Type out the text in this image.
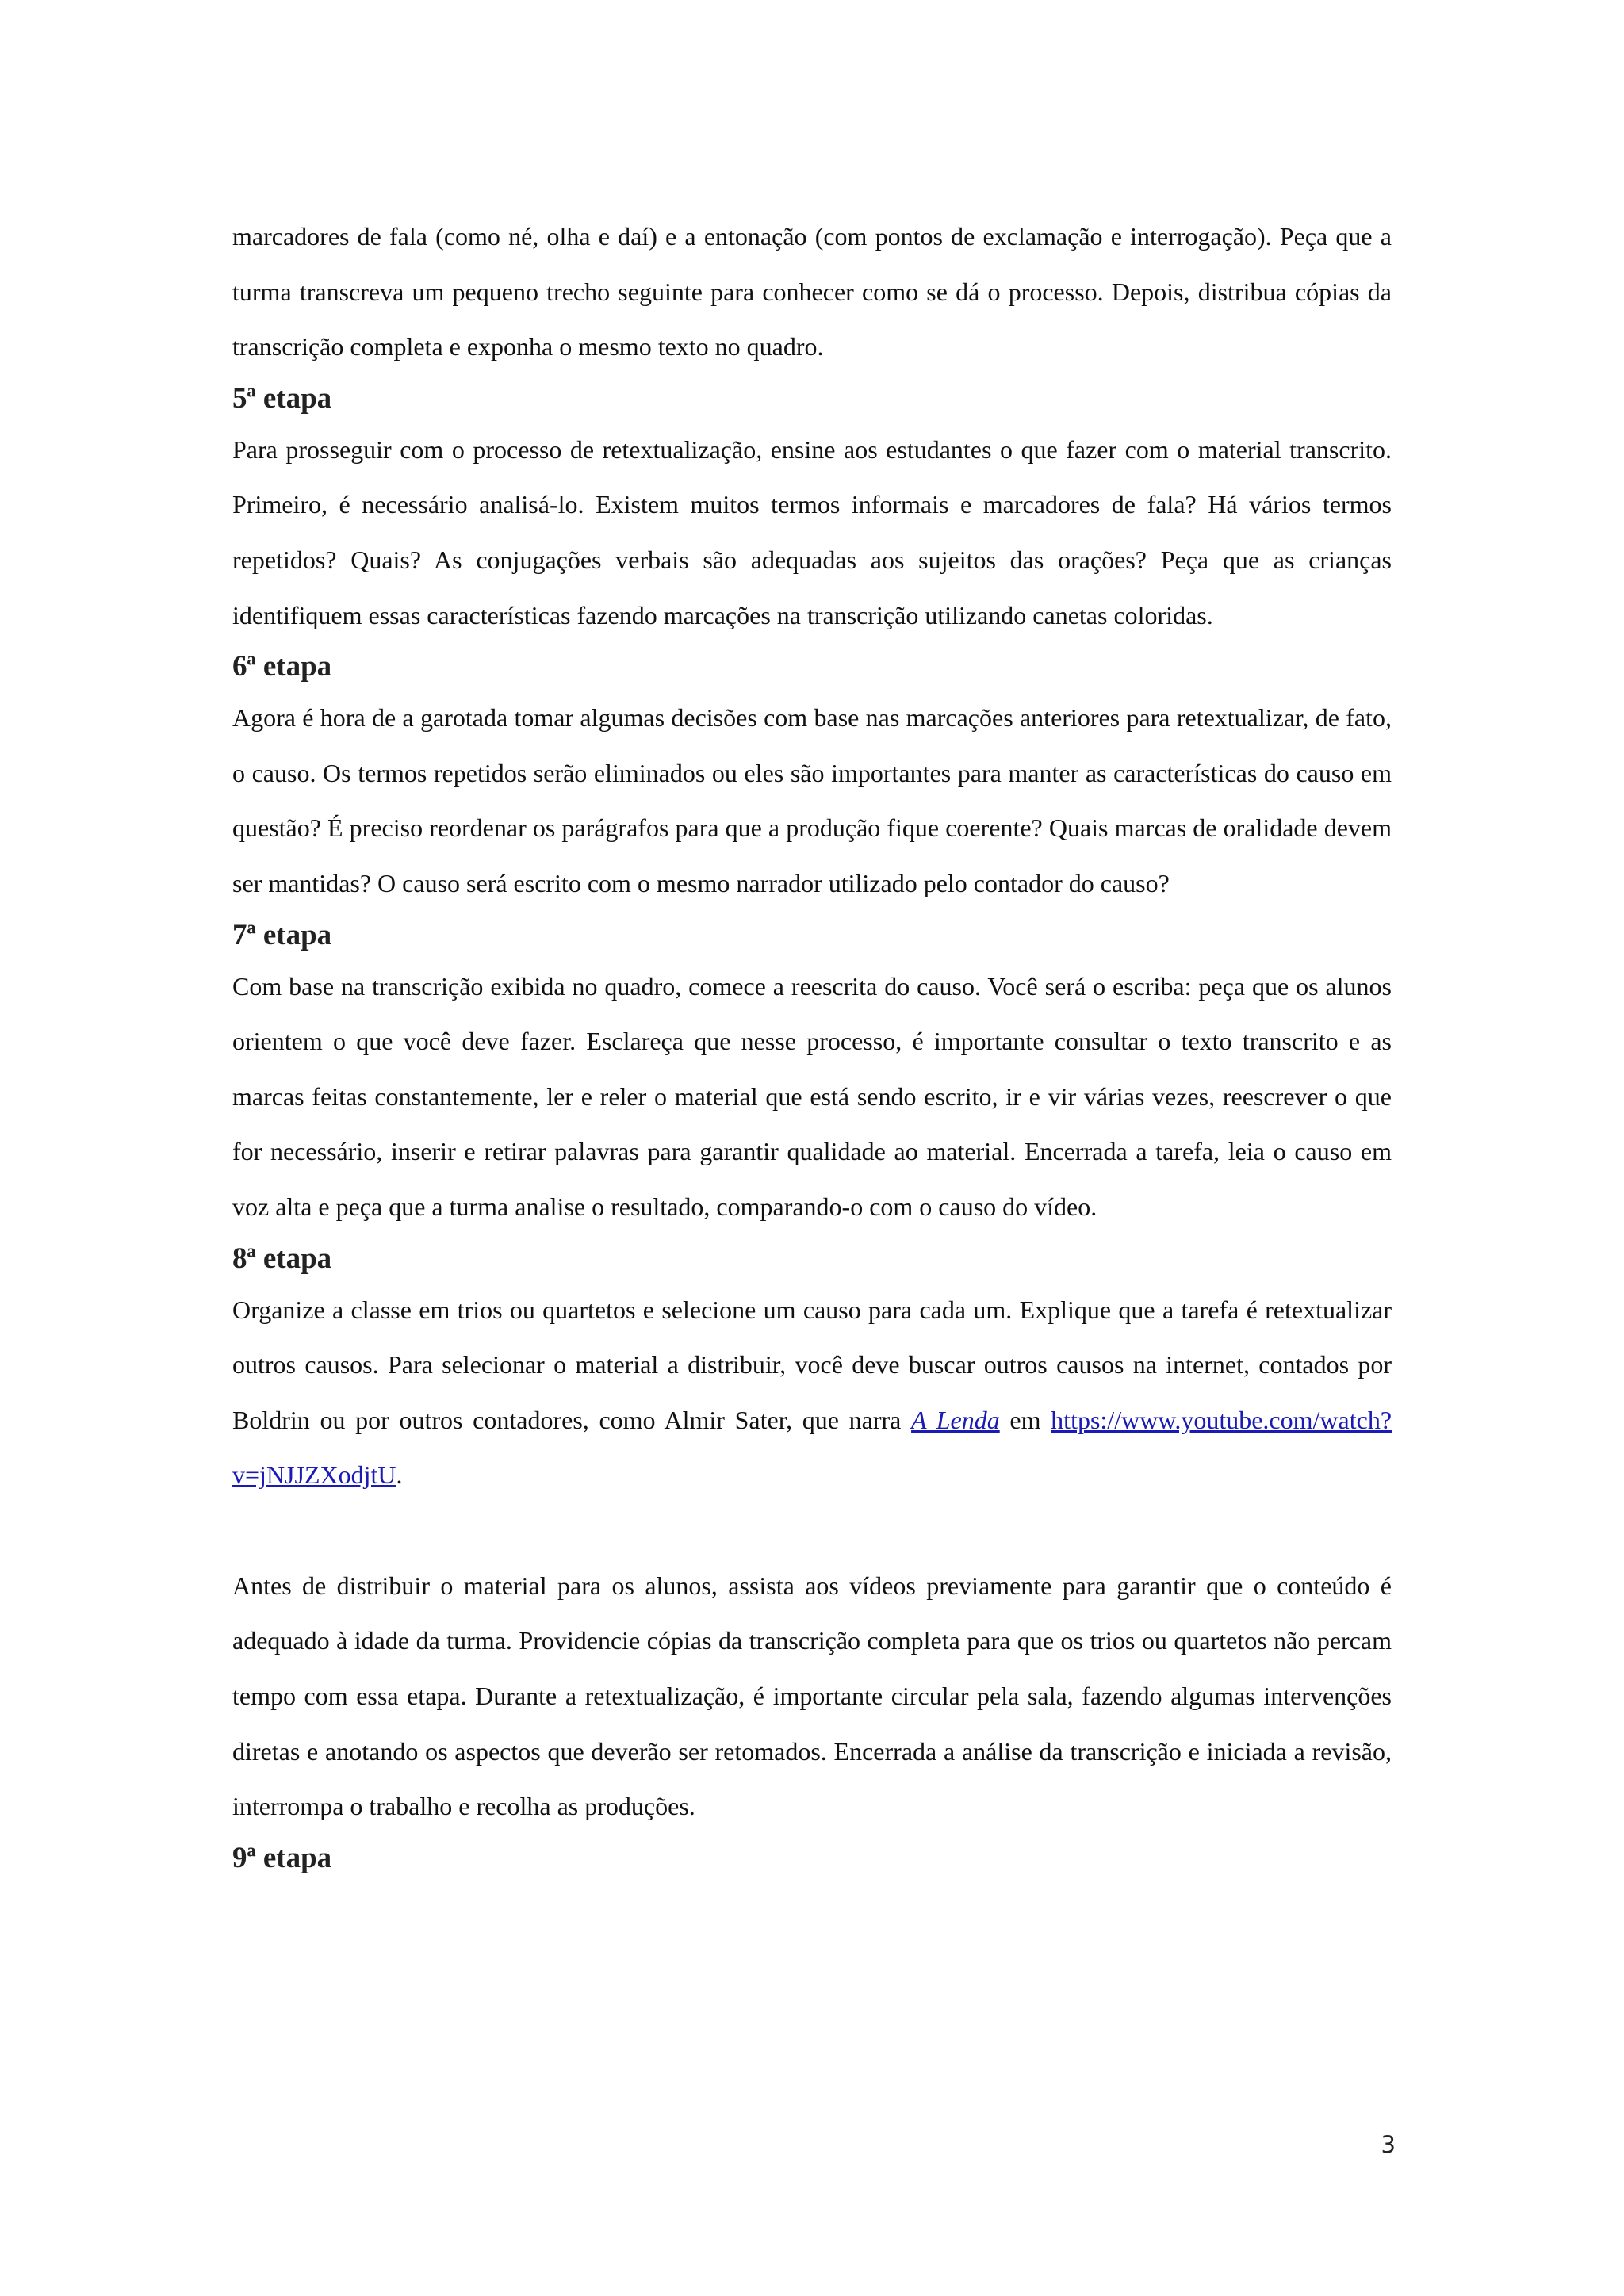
marcadores de fala (como né, olha e daí) e a entonação (com pontos de exclamação e interrogação). Peça que a turma transcreva um pequeno trecho seguinte para conhecer como se dá o processo. Depois, distribua cópias da transcrição completa e exponha o mesmo texto no quadro.

5ª etapa

Para prosseguir com o processo de retextualização, ensine aos estudantes o que fazer com o material transcrito. Primeiro, é necessário analisá-lo. Existem muitos termos informais e marcadores de fala? Há vários termos repetidos? Quais? As conjugações verbais são adequadas aos sujeitos das orações? Peça que as crianças identifiquem essas características fazendo marcações na transcrição utilizando canetas coloridas.

6ª etapa

Agora é hora de a garotada tomar algumas decisões com base nas marcações anteriores para retextualizar, de fato, o causo. Os termos repetidos serão eliminados ou eles são importantes para manter as características do causo em questão? É preciso reordenar os parágrafos para que a produção fique coerente? Quais marcas de oralidade devem ser mantidas? O causo será escrito com o mesmo narrador utilizado pelo contador do causo?

7ª etapa

Com base na transcrição exibida no quadro, comece a reescrita do causo. Você será o escriba: peça que os alunos orientem o que você deve fazer. Esclareça que nesse processo, é importante consultar o texto transcrito e as marcas feitas constantemente, ler e reler o material que está sendo escrito, ir e vir várias vezes, reescrever o que for necessário, inserir e retirar palavras para garantir qualidade ao material. Encerrada a tarefa, leia o causo em voz alta e peça que a turma analise o resultado, comparando-o com o causo do vídeo.

8ª etapa

Organize a classe em trios ou quartetos e selecione um causo para cada um. Explique que a tarefa é retextualizar outros causos. Para selecionar o material a distribuir, você deve buscar outros causos na internet, contados por Boldrin ou por outros contadores, como Almir Sater, que narra A Lenda em https://www.youtube.com/watch?v=jNJJZXodjtU.

Antes de distribuir o material para os alunos, assista aos vídeos previamente para garantir que o conteúdo é adequado à idade da turma. Providencie cópias da transcrição completa para que os trios ou quartetos não percam tempo com essa etapa. Durante a retextualização, é importante circular pela sala, fazendo algumas intervenções diretas e anotando os aspectos que deverão ser retomados. Encerrada a análise da transcrição e iniciada a revisão, interrompa o trabalho e recolha as produções.

9ª etapa
3
